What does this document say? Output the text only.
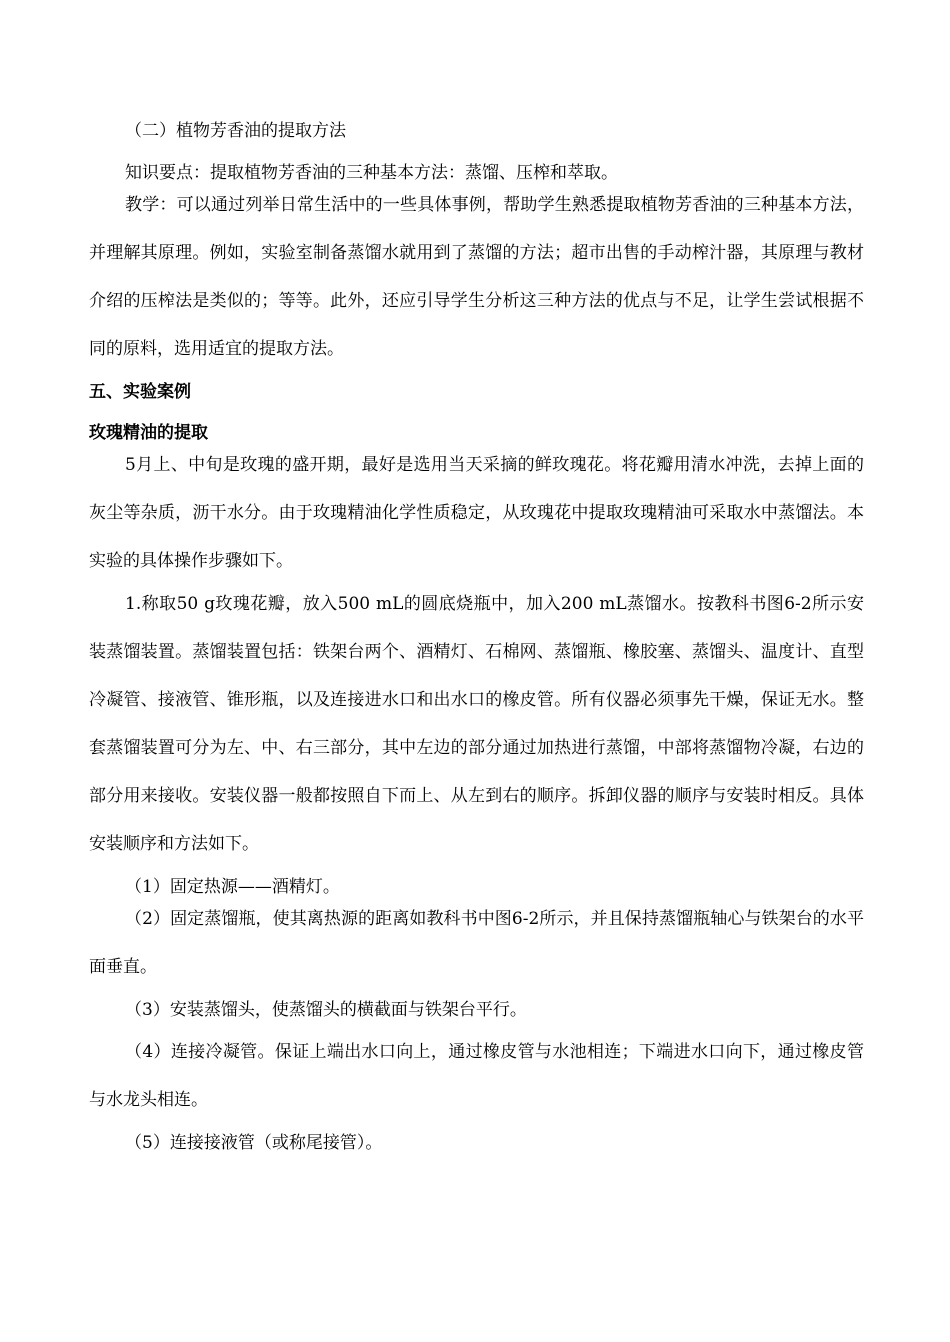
（二）植物芳香油的提取方法

知识要点：提取植物芳香油的三种基本方法：蒸馏、压榨和萃取。

教学：可以通过列举日常生活中的一些具体事例，帮助学生熟悉提取植物芳香油的三种基本方法，并理解其原理。例如，实验室制备蒸馏水就用到了蒸馏的方法；超市出售的手动榨汁器，其原理与教材介绍的压榨法是类似的；等等。此外，还应引导学生分析这三种方法的优点与不足，让学生尝试根据不同的原料，选用适宜的提取方法。

五、实验案例

玫瑰精油的提取

5月上、中旬是玫瑰的盛开期，最好是选用当天采摘的鲜玫瑰花。将花瓣用清水冲洗，去掉上面的灰尘等杂质，沥干水分。由于玫瑰精油化学性质稳定，从玫瑰花中提取玫瑰精油可采取水中蒸馏法。本实验的具体操作步骤如下。

1.称取50 g玫瑰花瓣，放入500 mL的圆底烧瓶中，加入200 mL蒸馏水。按教科书图6-2所示安装蒸馏装置。蒸馏装置包括：铁架台两个、酒精灯、石棉网、蒸馏瓶、橡胶塞、蒸馏头、温度计、直型冷凝管、接液管、锥形瓶，以及连接进水口和出水口的橡皮管。所有仪器必须事先干燥，保证无水。整套蒸馏装置可分为左、中、右三部分，其中左边的部分通过加热进行蒸馏，中部将蒸馏物冷凝，右边的部分用来接收。安装仪器一般都按照自下而上、从左到右的顺序。拆卸仪器的顺序与安装时相反。具体安装顺序和方法如下。

（1）固定热源——酒精灯。

（2）固定蒸馏瓶，使其离热源的距离如教科书中图6-2所示，并且保持蒸馏瓶轴心与铁架台的水平面垂直。

（3）安装蒸馏头，使蒸馏头的横截面与铁架台平行。

（4）连接冷凝管。保证上端出水口向上，通过橡皮管与水池相连；下端进水口向下，通过橡皮管与水龙头相连。

（5）连接接液管（或称尾接管）。
